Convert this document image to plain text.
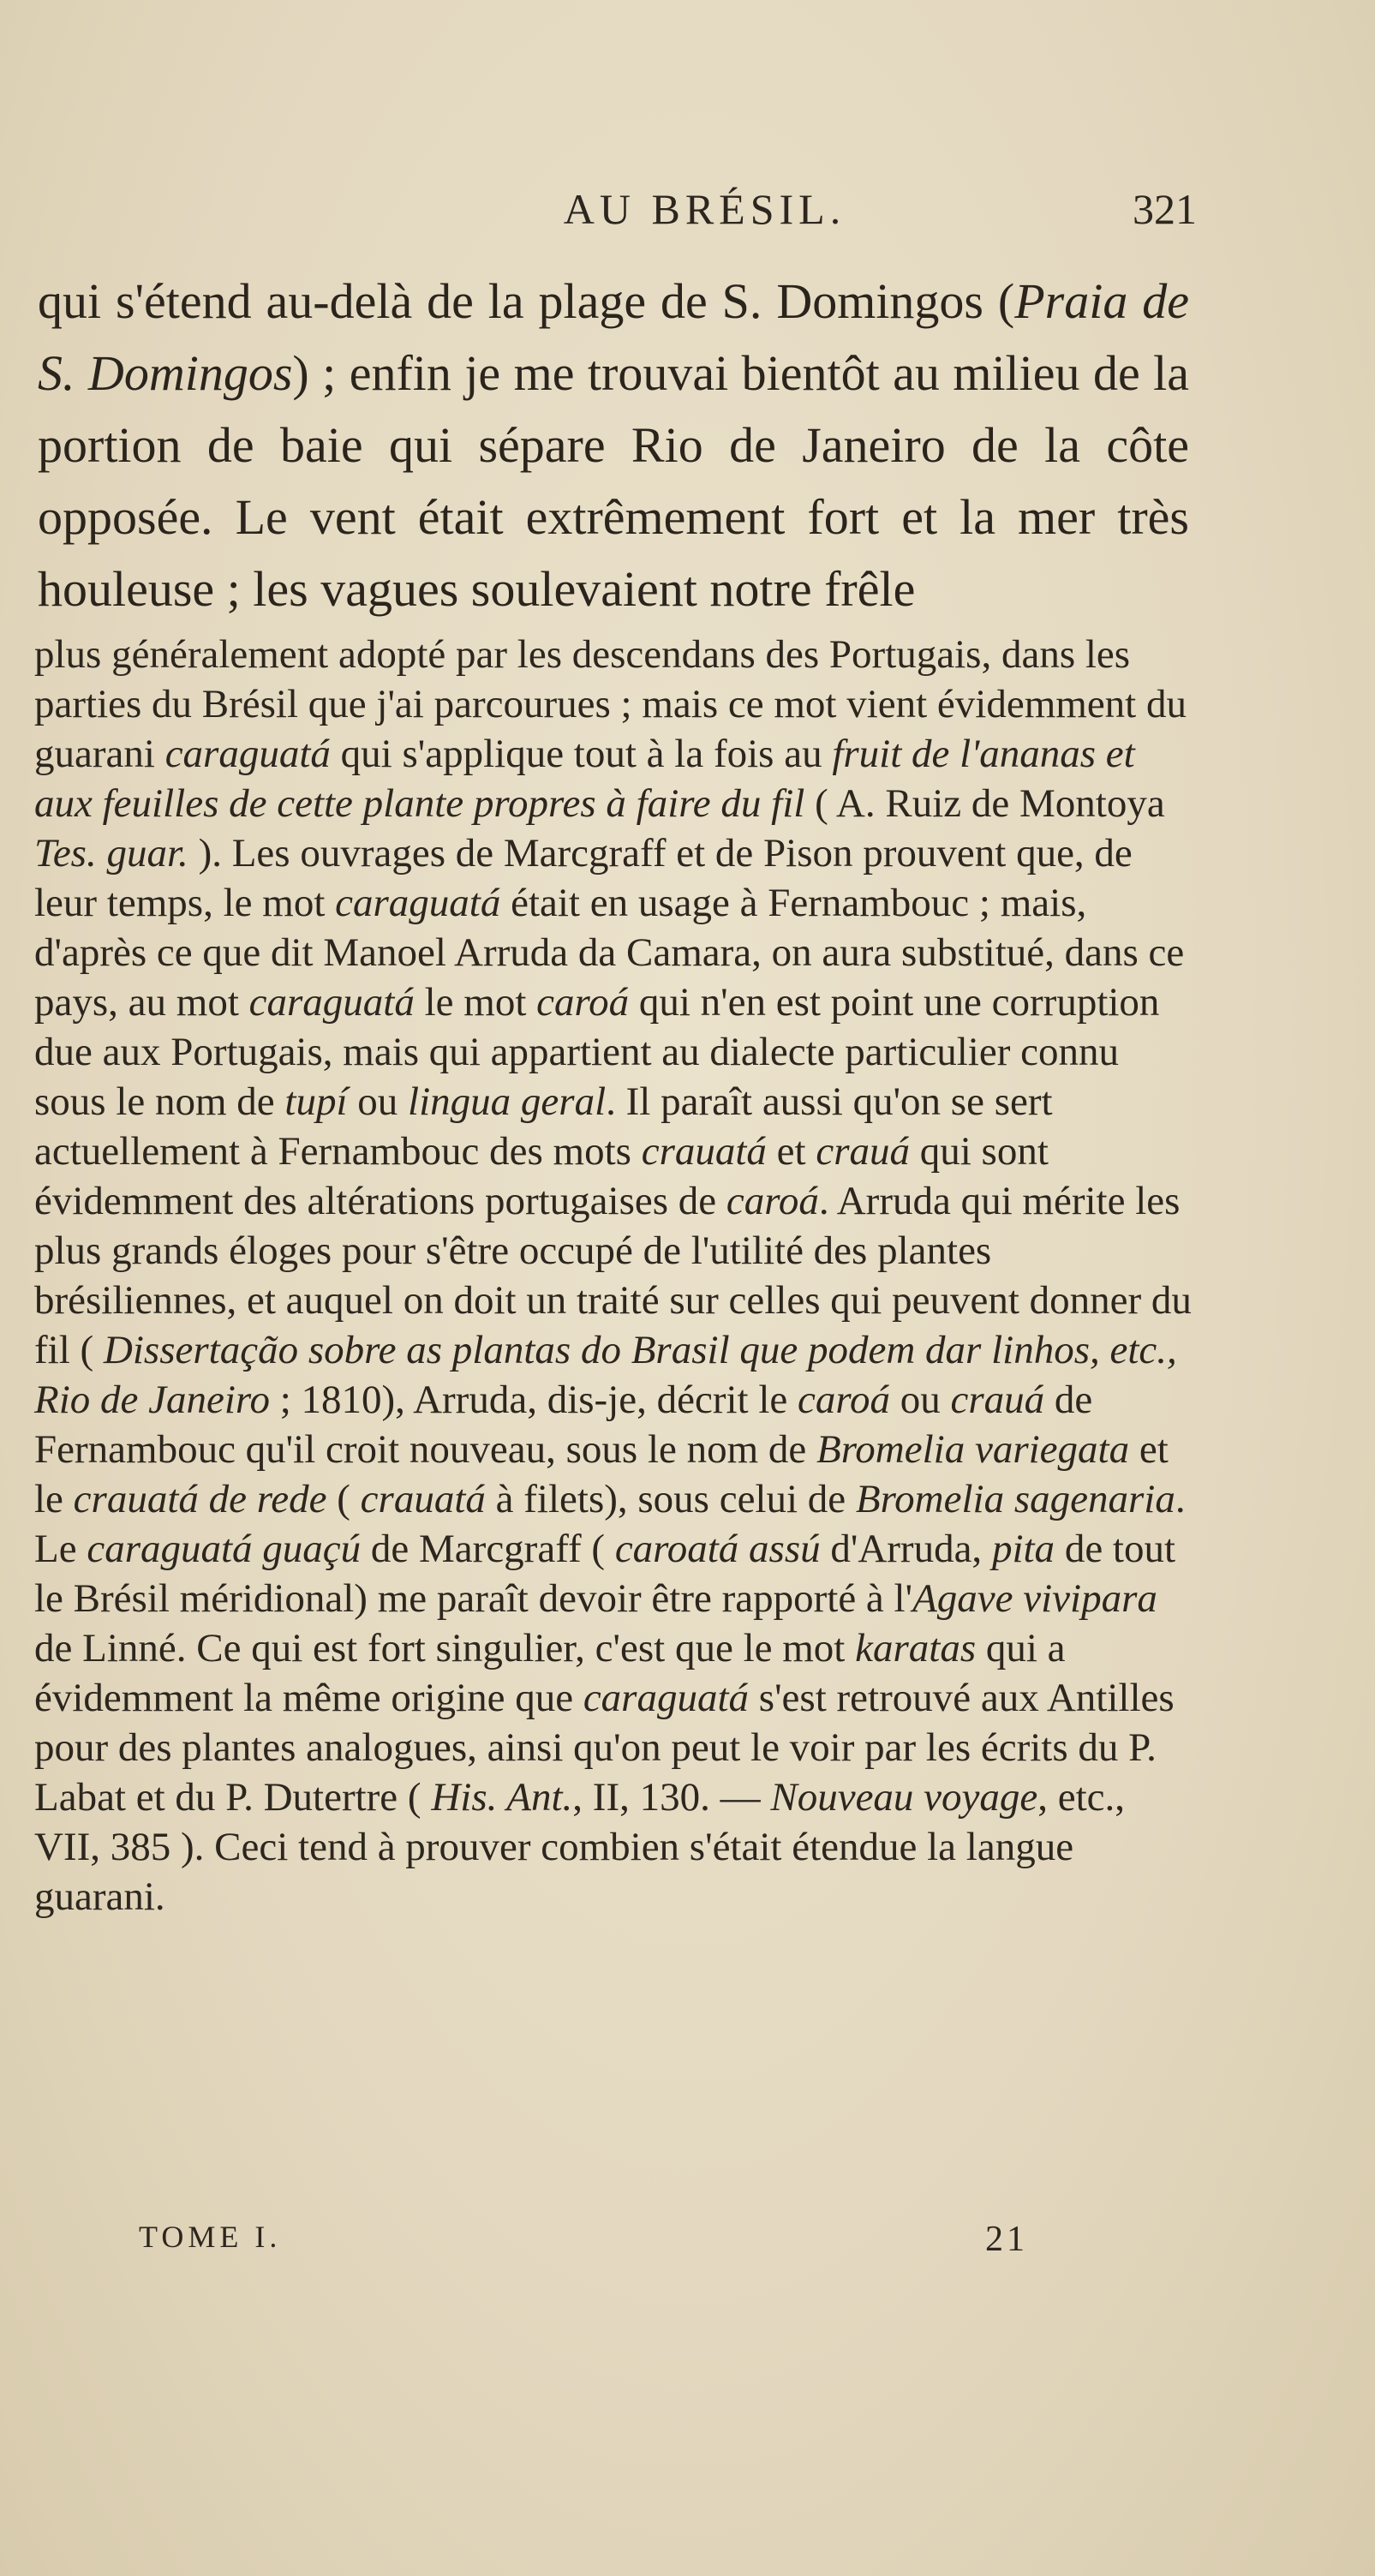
AU BRÉSIL.	321

qui s'étend au-delà de la plage de S. Domingos (Praia de S. Domingos) ; enfin je me trouvai bientôt au milieu de la portion de baie qui sépare Rio de Janeiro de la côte opposée. Le vent était extrêmement fort et la mer très houleuse ; les vagues soulevaient notre frêle

plus généralement adopté par les descendans des Portugais, dans les parties du Brésil que j'ai parcourues ; mais ce mot vient évidemment du guarani caraguatá qui s'applique tout à la fois au fruit de l'ananas et aux feuilles de cette plante propres à faire du fil ( A. Ruiz de Montoya Tes. guar. ). Les ouvrages de Marcgraff et de Pison prouvent que, de leur temps, le mot caraguatá était en usage à Fernambouc ; mais, d'après ce que dit Manoel Arruda da Camara, on aura substitué, dans ce pays, au mot caraguatá le mot caroá qui n'en est point une corruption due aux Portugais, mais qui appartient au dialecte particulier connu sous le nom de tupí ou lingua geral. Il paraît aussi qu'on se sert actuellement à Fernambouc des mots crauatá et crauá qui sont évidemment des altérations portugaises de caroá. Arruda qui mérite les plus grands éloges pour s'être occupé de l'utilité des plantes brésiliennes, et auquel on doit un traité sur celles qui peuvent donner du fil ( Dissertação sobre as plantas do Brasil que podem dar linhos, etc., Rio de Janeiro ; 1810), Arruda, dis-je, décrit le caroá ou crauá de Fernambouc qu'il croit nouveau, sous le nom de Bromelia variegata et le crauatá de rede ( crauatá à filets), sous celui de Bromelia sagenaria. Le caraguatá guaçú de Marcgraff ( caroatá assú d'Arruda, pita de tout le Brésil méridional) me paraît devoir être rapporté à l'Agave vivipara de Linné. Ce qui est fort singulier, c'est que le mot karatas qui a évidemment la même origine que caraguatá s'est retrouvé aux Antilles pour des plantes analogues, ainsi qu'on peut le voir par les écrits du P. Labat et du P. Dutertre ( His. Ant., II, 130. — Nouveau voyage, etc., VII, 385 ). Ceci tend à prouver combien s'était étendue la langue guarani.

TOME I.	21
